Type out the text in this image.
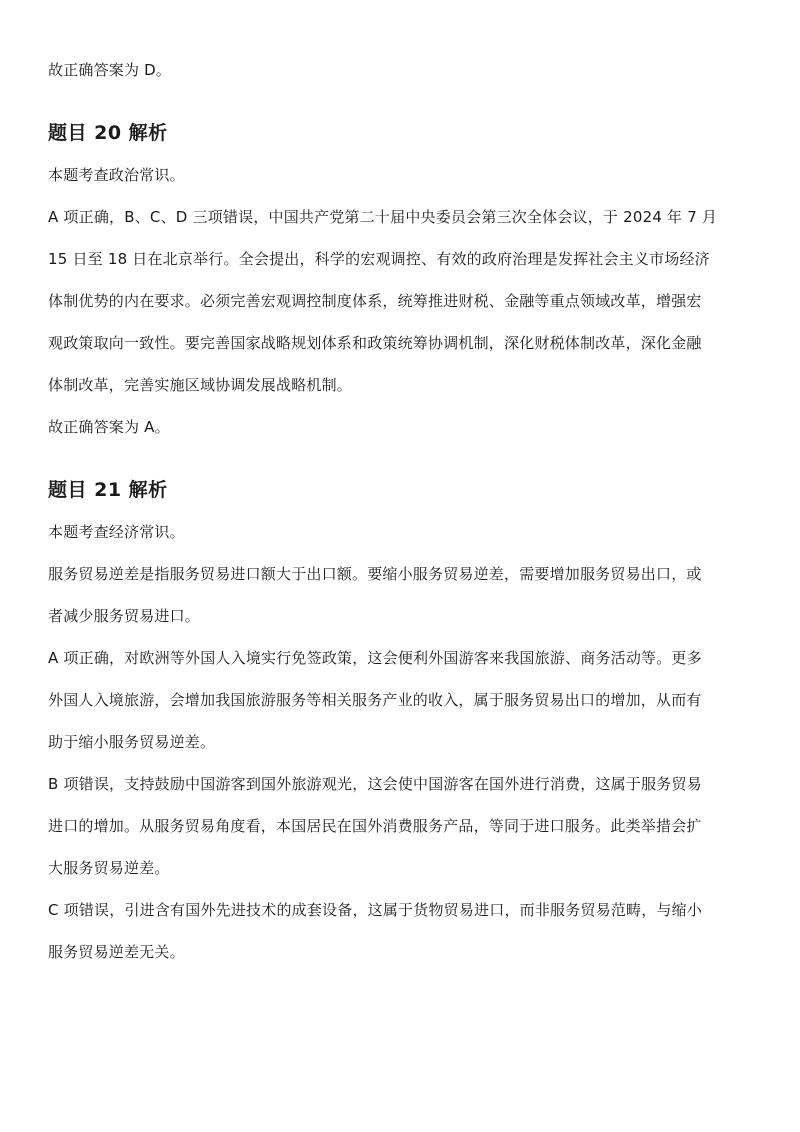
故正确答案为 D。
题目 20 解析
本题考查政治常识。
A 项正确，B、C、D 三项错误，中国共产党第二十届中央委员会第三次全体会议，于 2024 年 7 月
15 日至 18 日在北京举行。全会提出，科学的宏观调控、有效的政府治理是发挥社会主义市场经济
体制优势的内在要求。必须完善宏观调控制度体系，统筹推进财税、金融等重点领域改革，增强宏
观政策取向一致性。要完善国家战略规划体系和政策统筹协调机制，深化财税体制改革，深化金融
体制改革，完善实施区域协调发展战略机制。
故正确答案为 A。
题目 21 解析
本题考查经济常识。
服务贸易逆差是指服务贸易进口额大于出口额。要缩小服务贸易逆差，需要增加服务贸易出口，或
者减少服务贸易进口。
A 项正确，对欧洲等外国人入境实行免签政策，这会便利外国游客来我国旅游、商务活动等。更多
外国人入境旅游，会增加我国旅游服务等相关服务产业的收入，属于服务贸易出口的增加，从而有
助于缩小服务贸易逆差。
B 项错误，支持鼓励中国游客到国外旅游观光，这会使中国游客在国外进行消费，这属于服务贸易
进口的增加。从服务贸易角度看，本国居民在国外消费服务产品，等同于进口服务。此类举措会扩
大服务贸易逆差。
C 项错误，引进含有国外先进技术的成套设备，这属于货物贸易进口，而非服务贸易范畴，与缩小
服务贸易逆差无关。
